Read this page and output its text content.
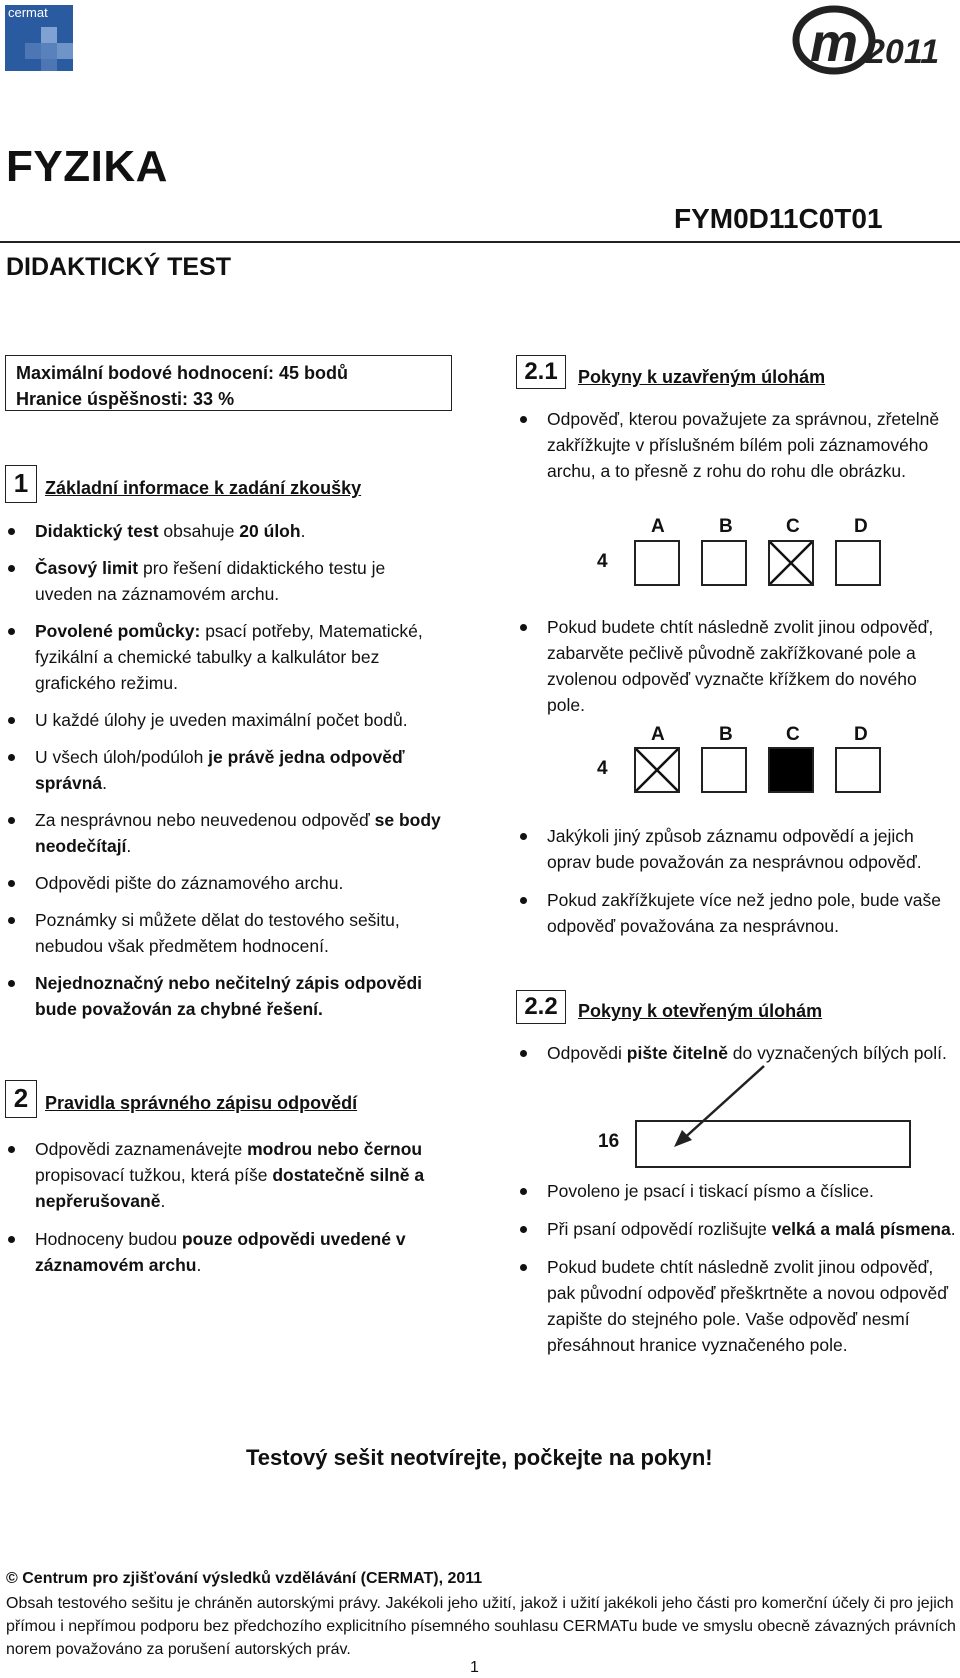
cermat
m 2011
FYZIKA
FYM0D11C0T01
DIDAKTICKÝ TEST
Maximální bodové hodnocení: 45 bodů
Hranice úspěšnosti: 33 %
1 Základní informace k zadání zkoušky
Didaktický test obsahuje 20 úloh.
Časový limit pro řešení didaktického testu je uveden na záznamovém archu.
Povolené pomůcky: psací potřeby, Matematické, fyzikální a chemické tabulky a kalkulátor bez grafického režimu.
U každé úlohy je uveden maximální počet bodů.
U všech úloh/podúloh je právě jedna odpověď správná.
Za nesprávnou nebo neuvedenou odpověď se body neodečítají.
Odpovědi pište do záznamového archu.
Poznámky si můžete dělat do testového sešitu, nebudou však předmětem hodnocení.
Nejednoznačný nebo nečitelný zápis odpovědi bude považován za chybné řešení.
2 Pravidla správného zápisu odpovědí
Odpovědi zaznamenávejte modrou nebo černou propisovací tužkou, která píše dostatečně silně a nepřerušovaně.
Hodnoceny budou pouze odpovědi uvedené v záznamovém archu.
2.1	Pokyny k uzavřeným úlohám
Odpověď, kterou považujete za správnou, zřetelně zakřížkujte v příslušném bílém poli záznamového archu, a to přesně z rohu do rohu dle obrázku.
A	B	C	D
4
Pokud budete chtít následně zvolit jinou odpověď, zabarvěte pečlivě původně zakřížkované pole a zvolenou odpověď vyznačte křížkem do nového pole.
A	B	C	D
4
Jakýkoli jiný způsob záznamu odpovědí a jejich oprav bude považován za nesprávnou odpověď.
Pokud zakřížkujete více než jedno pole, bude vaše odpověď považována za nesprávnou.
2.2	Pokyny k otevřeným úlohám
Odpovědi pište čitelně do vyznačených bílých polí.
16
Povoleno je psací i tiskací písmo a číslice.
Při psaní odpovědí rozlišujte velká a malá písmena.
Pokud budete chtít následně zvolit jinou odpověď, pak původní odpověď přeškrtněte a novou odpověď zapište do stejného pole. Vaše odpověď nesmí přesáhnout hranice vyznačeného pole.
Testový sešit neotvírejte, počkejte na pokyn!
© Centrum pro zjišťování výsledků vzdělávání (CERMAT), 2011
Obsah testového sešitu je chráněn autorskými právy. Jakékoli jeho užití, jakož i užití jakékoli jeho části pro komerční účely či pro jejich přímou i nepřímou podporu bez předchozího explicitního písemného souhlasu CERMATu bude ve smyslu obecně závazných právních norem považováno za porušení autorských práv.
1
